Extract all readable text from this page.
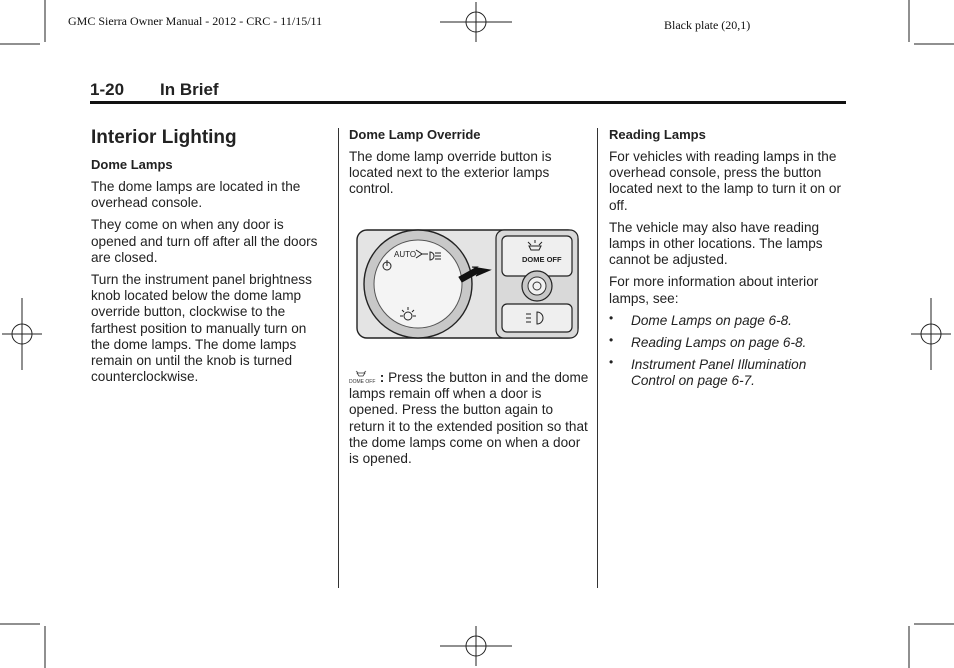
GMC Sierra Owner Manual - 2012 - CRC - 11/15/11	Black plate (20,1)
1-20 In Brief
Interior Lighting
Dome Lamps

The dome lamps are located in the overhead console.

They come on when any door is opened and turn off after all the doors are closed.

Turn the instrument panel brightness knob located below the dome lamp override button, clockwise to the farthest position to manually turn on the dome lamps. The dome lamps remain on until the knob is turned counterclockwise.

Dome Lamp Override

The dome lamp override button is located next to the exterior lamps control.

AUTO
DOME OFF

DOME OFF : Press the button in and the dome lamps remain off when a door is opened. Press the button again to return it to the extended position so that the dome lamps come on when a door is opened.

Reading Lamps

For vehicles with reading lamps in the overhead console, press the button located next to the lamp to turn it on or off.

The vehicle may also have reading lamps in other locations. The lamps cannot be adjusted.

For more information about interior lamps, see:

• Dome Lamps on page 6-8.
• Reading Lamps on page 6-8.
• Instrument Panel Illumination Control on page 6-7.
